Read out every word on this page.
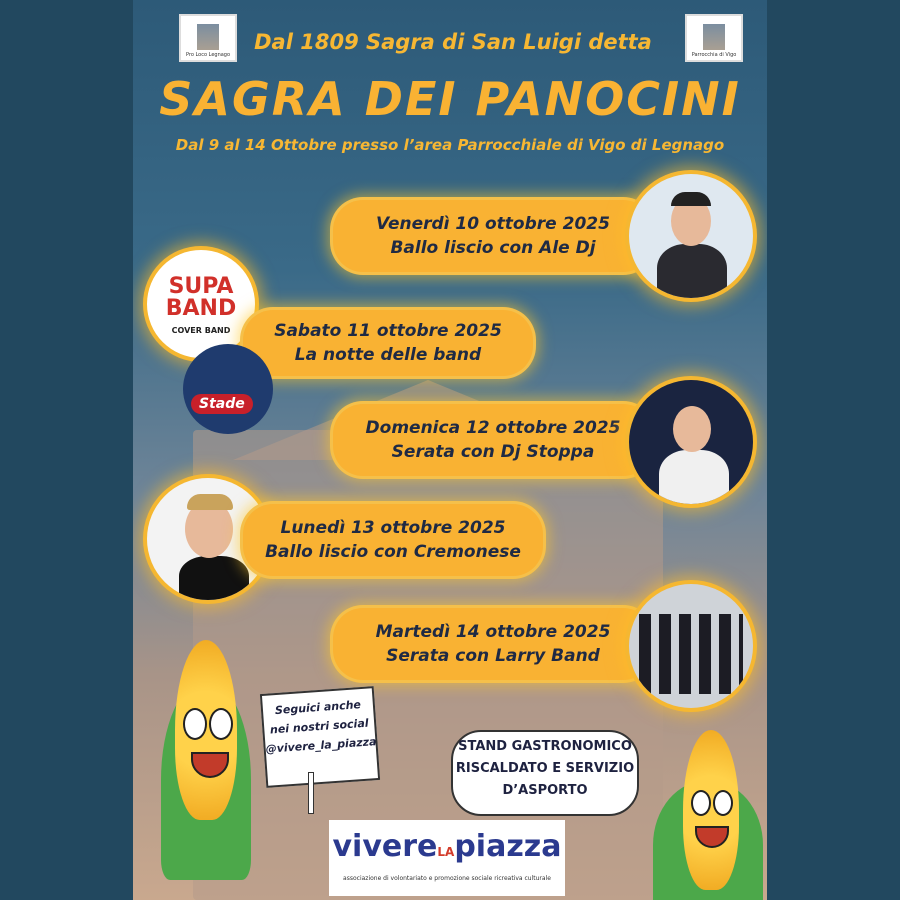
Pro Loco Legnago	Parrocchia di Vigo
Dal 1809 Sagra di San Luigi detta
SAGRA DEI PANOCINI
Dal 9 al 14 Ottobre presso l’area Parrocchiale di Vigo di Legnago
Venerdì 10 ottobre 2025
Ballo liscio con Ale Dj
SUPA
BAND
COVER BAND	Sabato 11 ottobre 2025
La notte delle band
Stade
Domenica 12 ottobre 2025
Serata con Dj Stoppa
Lunedì 13 ottobre 2025
Ballo liscio con Cremonese
Martedì 14 ottobre 2025
Serata con Larry Band
Seguici anche
nei nostri social
@vivere_la_piazza	STAND GASTRONOMICO
RISCALDATO E SERVIZIO
D’ASPORTO
vivereLApiazza
associazione di volontariato e promozione sociale ricreativa culturale
